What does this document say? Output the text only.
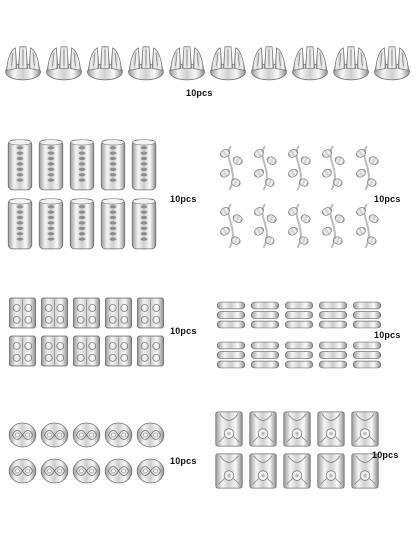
10pcs
10pcs	10pcs
10pcs	10pcs
10pcs
10pcs
